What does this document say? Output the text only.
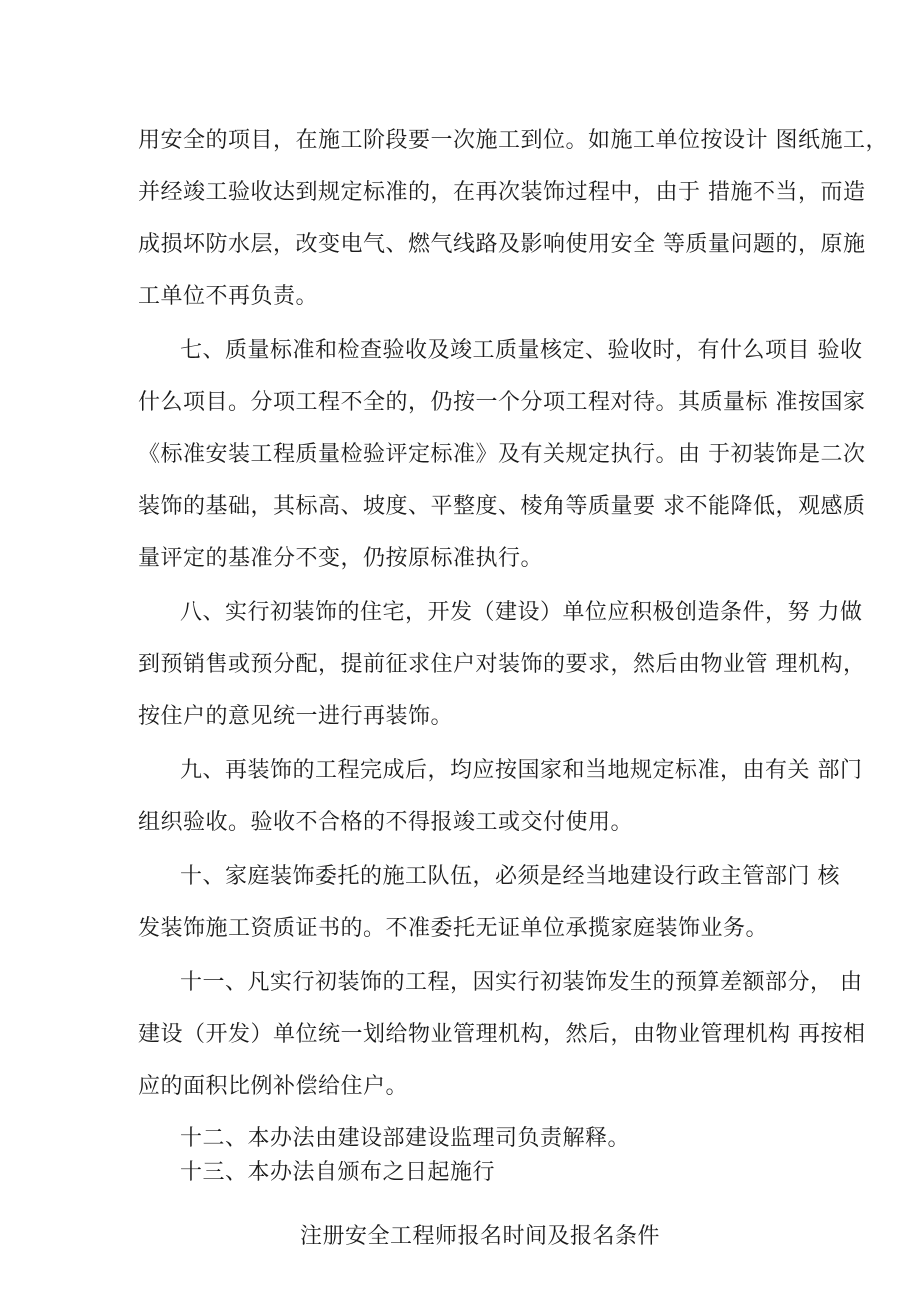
用安全的项目，在施工阶段要一次施工到位。如施工单位按设计 图纸施工，
并经竣工验收达到规定标准的，在再次装饰过程中，由于 措施不当，而造
成损坏防水层，改变电气、燃气线路及影响使用安全 等质量问题的，原施
工单位不再负责。
七、质量标准和检查验收及竣工质量核定、验收时，有什么项目 验收
什么项目。分项工程不全的，仍按一个分项工程对待。其质量标 准按国家
《标准安装工程质量检验评定标准》及有关规定执行。由 于初装饰是二次
装饰的基础，其标高、坡度、平整度、棱角等质量要 求不能降低，观感质
量评定的基准分不变，仍按原标准执行。
八、实行初装饰的住宅，开发（建设）单位应积极创造条件，努 力做
到预销售或预分配，提前征求住户对装饰的要求，然后由物业管 理机构，
按住户的意见统一进行再装饰。
九、再装饰的工程完成后，均应按国家和当地规定标准，由有关 部门
组织验收。验收不合格的不得报竣工或交付使用。
十、家庭装饰委托的施工队伍，必须是经当地建设行政主管部门 核
发装饰施工资质证书的。不准委托无证单位承揽家庭装饰业务。
十一、凡实行初装饰的工程，因实行初装饰发生的预算差额部分， 由
建设（开发）单位统一划给物业管理机构，然后，由物业管理机构 再按相
应的面积比例补偿给住户。
十二、本办法由建设部建设监理司负责解释。
十三、本办法自颁布之日起施行
注册安全工程师报名时间及报名条件
